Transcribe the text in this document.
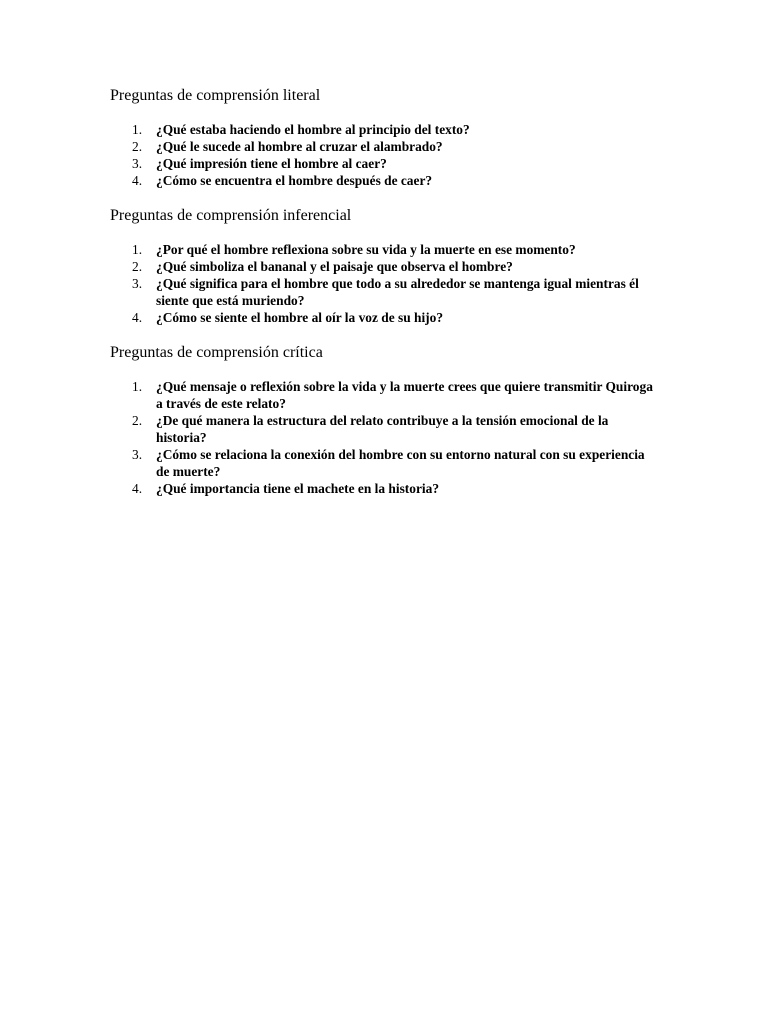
Preguntas de comprensión literal
1. ¿Qué estaba haciendo el hombre al principio del texto?
2. ¿Qué le sucede al hombre al cruzar el alambrado?
3. ¿Qué impresión tiene el hombre al caer?
4. ¿Cómo se encuentra el hombre después de caer?
Preguntas de comprensión inferencial
1. ¿Por qué el hombre reflexiona sobre su vida y la muerte en ese momento?
2. ¿Qué simboliza el bananal y el paisaje que observa el hombre?
3. ¿Qué significa para el hombre que todo a su alrededor se mantenga igual mientras él siente que está muriendo?
4. ¿Cómo se siente el hombre al oír la voz de su hijo?
Preguntas de comprensión crítica
1. ¿Qué mensaje o reflexión sobre la vida y la muerte crees que quiere transmitir Quiroga a través de este relato?
2. ¿De qué manera la estructura del relato contribuye a la tensión emocional de la historia?
3. ¿Cómo se relaciona la conexión del hombre con su entorno natural con su experiencia de muerte?
4. ¿Qué importancia tiene el machete en la historia?
